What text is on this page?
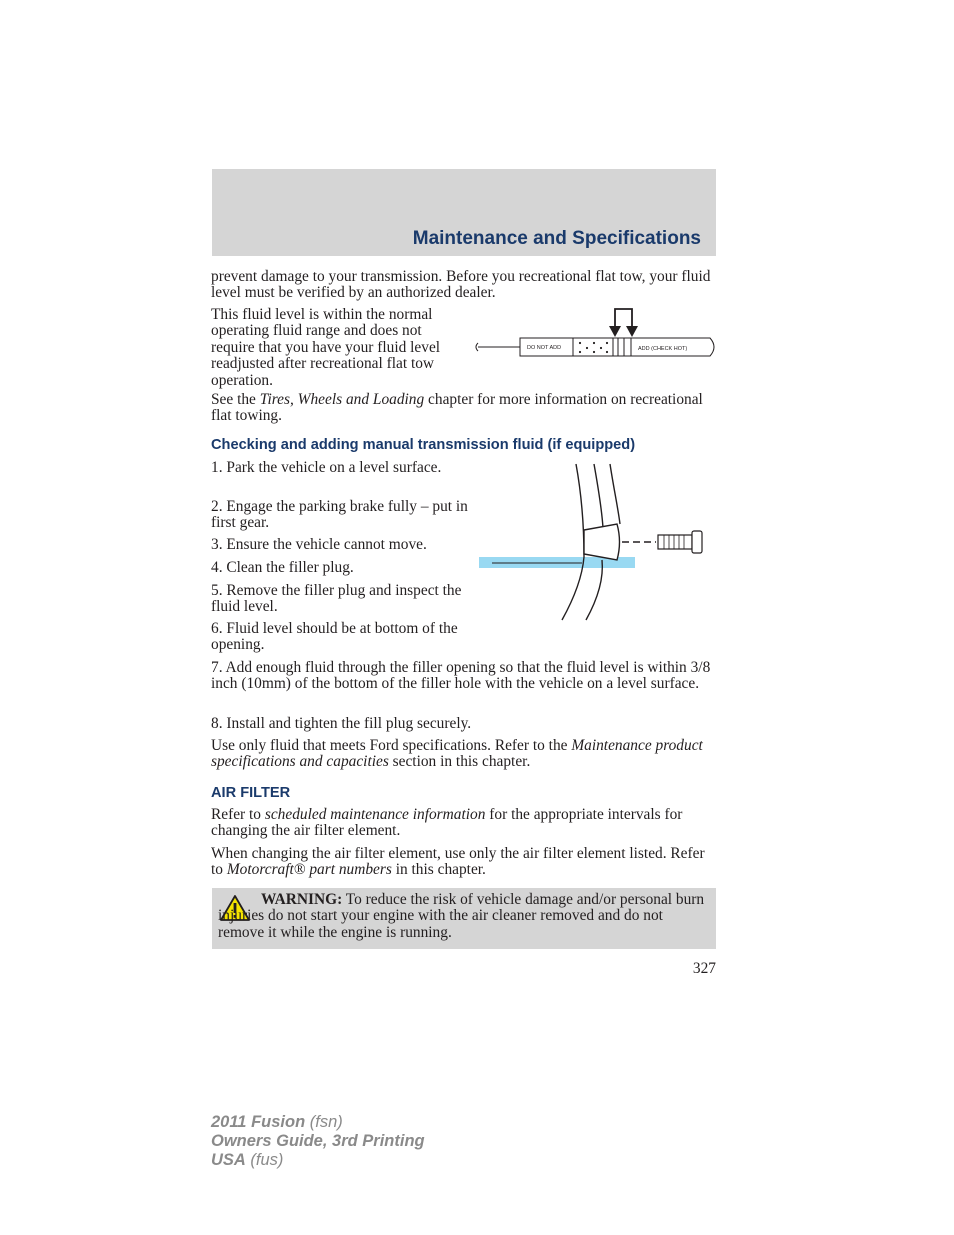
Maintenance and Specifications

prevent damage to your transmission. Before you recreational flat tow, your fluid level must be verified by an authorized dealer.

This fluid level is within the normal operating fluid range and does not require that you have your fluid level readjusted after recreational flat tow operation.

DO NOT ADD	ADD (CHECK HOT)

See the Tires, Wheels and Loading chapter for more information on recreational flat towing.

Checking and adding manual transmission fluid (if equipped)

1. Park the vehicle on a level surface.

2. Engage the parking brake fully – put in first gear.

3. Ensure the vehicle cannot move.

4. Clean the filler plug.

5. Remove the filler plug and inspect the fluid level.

6. Fluid level should be at bottom of the opening.

7. Add enough fluid through the filler opening so that the fluid level is within 3/8 inch (10mm) of the bottom of the filler hole with the vehicle on a level surface.

8. Install and tighten the fill plug securely.

Use only fluid that meets Ford specifications. Refer to the Maintenance product specifications and capacities section in this chapter.

AIR FILTER

Refer to scheduled maintenance information for the appropriate intervals for changing the air filter element.

When changing the air filter element, use only the air filter element listed. Refer to Motorcraft® part numbers in this chapter.

WARNING: To reduce the risk of vehicle damage and/or personal burn injuries do not start your engine with the air cleaner removed and do not remove it while the engine is running.

327
2011 Fusion (fsn)
Owners Guide, 3rd Printing
USA (fus)
